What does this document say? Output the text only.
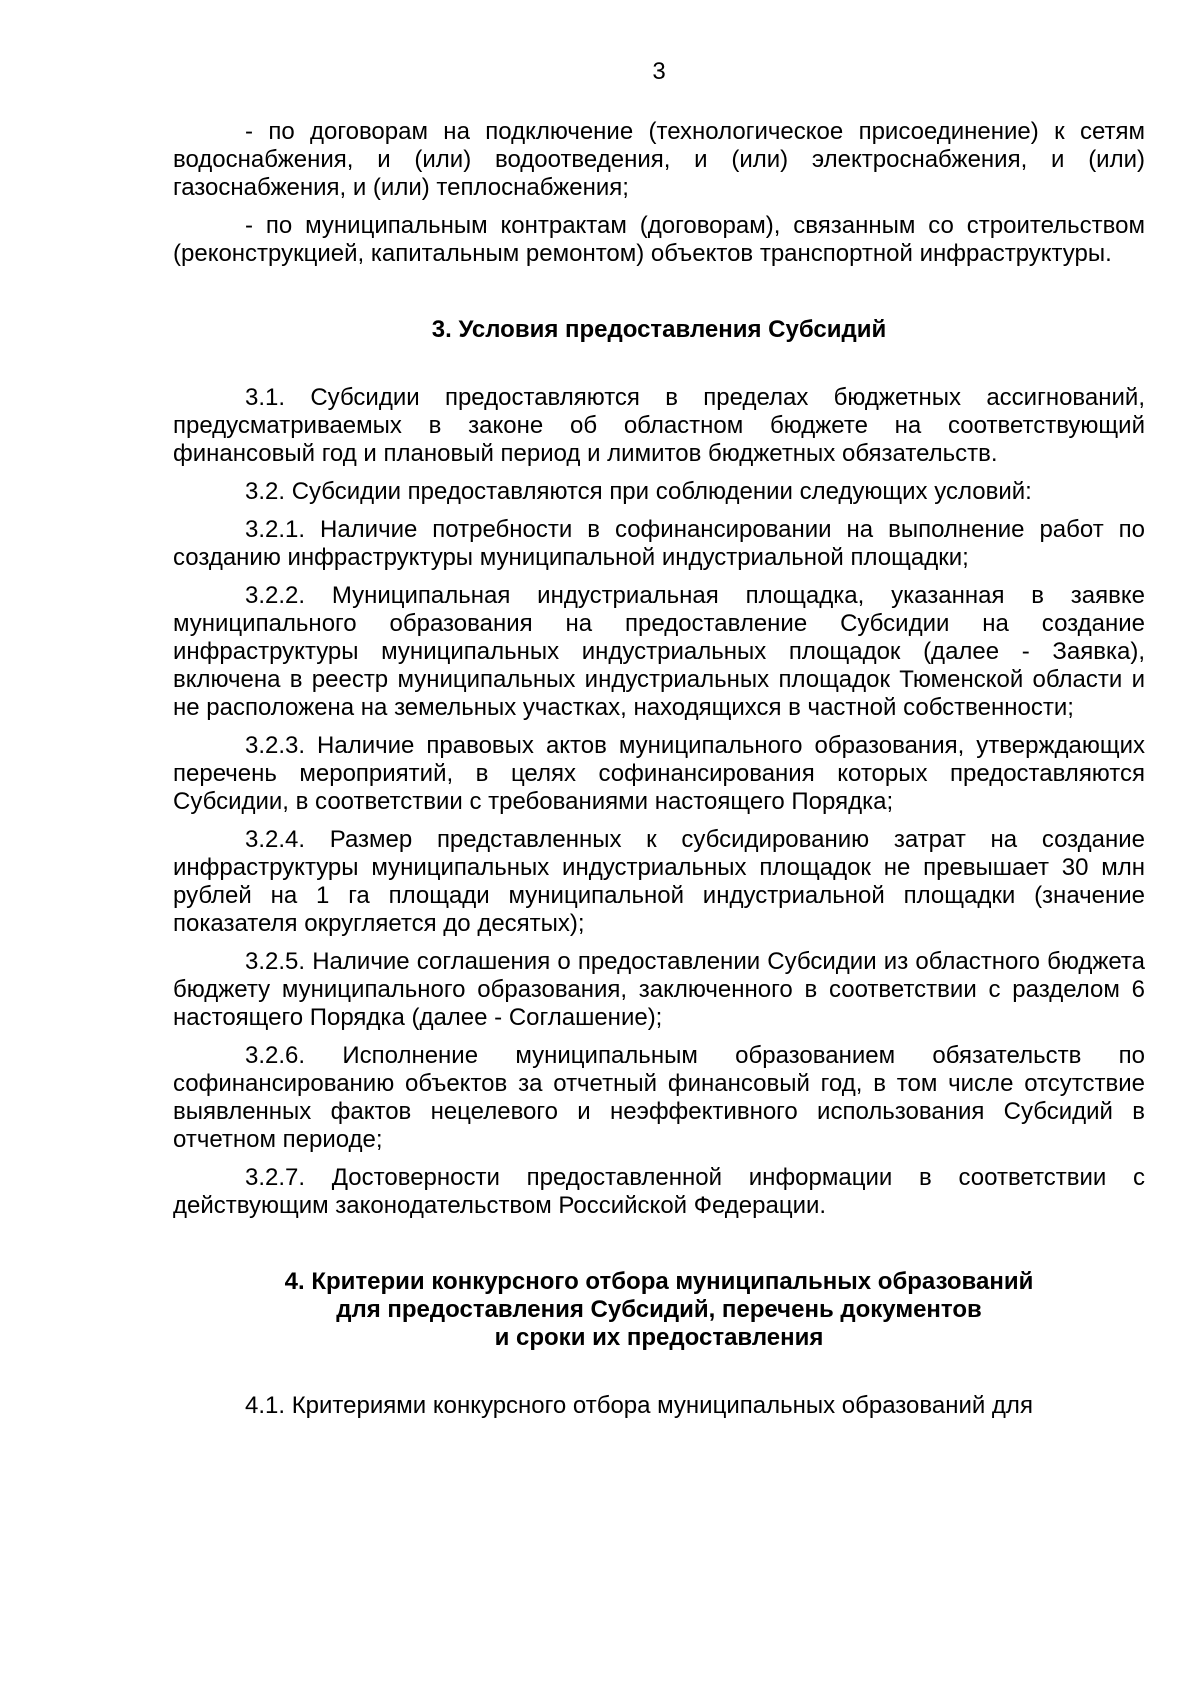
3

- по договорам на подключение (технологическое присоединение) к сетям водоснабжения, и (или) водоотведения, и (или) электроснабжения, и (или) газоснабжения, и (или) теплоснабжения;

- по муниципальным контрактам (договорам), связанным со строительством (реконструкцией, капитальным ремонтом) объектов транспортной инфраструктуры.

3. Условия предоставления Субсидий

3.1. Субсидии предоставляются в пределах бюджетных ассигнований, предусматриваемых в законе об областном бюджете на соответствующий финансовый год и плановый период и лимитов бюджетных обязательств.

3.2. Субсидии предоставляются при соблюдении следующих условий:

3.2.1. Наличие потребности в софинансировании на выполнение работ по созданию инфраструктуры муниципальной индустриальной площадки;

3.2.2. Муниципальная индустриальная площадка, указанная в заявке муниципального образования на предоставление Субсидии на создание инфраструктуры муниципальных индустриальных площадок (далее - Заявка), включена в реестр муниципальных индустриальных площадок Тюменской области и не расположена на земельных участках, находящихся в частной собственности;

3.2.3. Наличие правовых актов муниципального образования, утверждающих перечень мероприятий, в целях софинансирования которых предоставляются Субсидии, в соответствии с требованиями настоящего Порядка;

3.2.4. Размер представленных к субсидированию затрат на создание инфраструктуры муниципальных индустриальных площадок не превышает 30 млн рублей на 1 га площади муниципальной индустриальной площадки (значение показателя округляется до десятых);

3.2.5. Наличие соглашения о предоставлении Субсидии из областного бюджета бюджету муниципального образования, заключенного в соответствии с разделом 6 настоящего Порядка (далее - Соглашение);

3.2.6. Исполнение муниципальным образованием обязательств по софинансированию объектов за отчетный финансовый год, в том числе отсутствие выявленных фактов нецелевого и неэффективного использования Субсидий в отчетном периоде;

3.2.7. Достоверности предоставленной информации в соответствии с действующим законодательством Российской Федерации.

4. Критерии конкурсного отбора муниципальных образований
для предоставления Субсидий, перечень документов
и сроки их предоставления

4.1. Критериями конкурсного отбора муниципальных образований для
